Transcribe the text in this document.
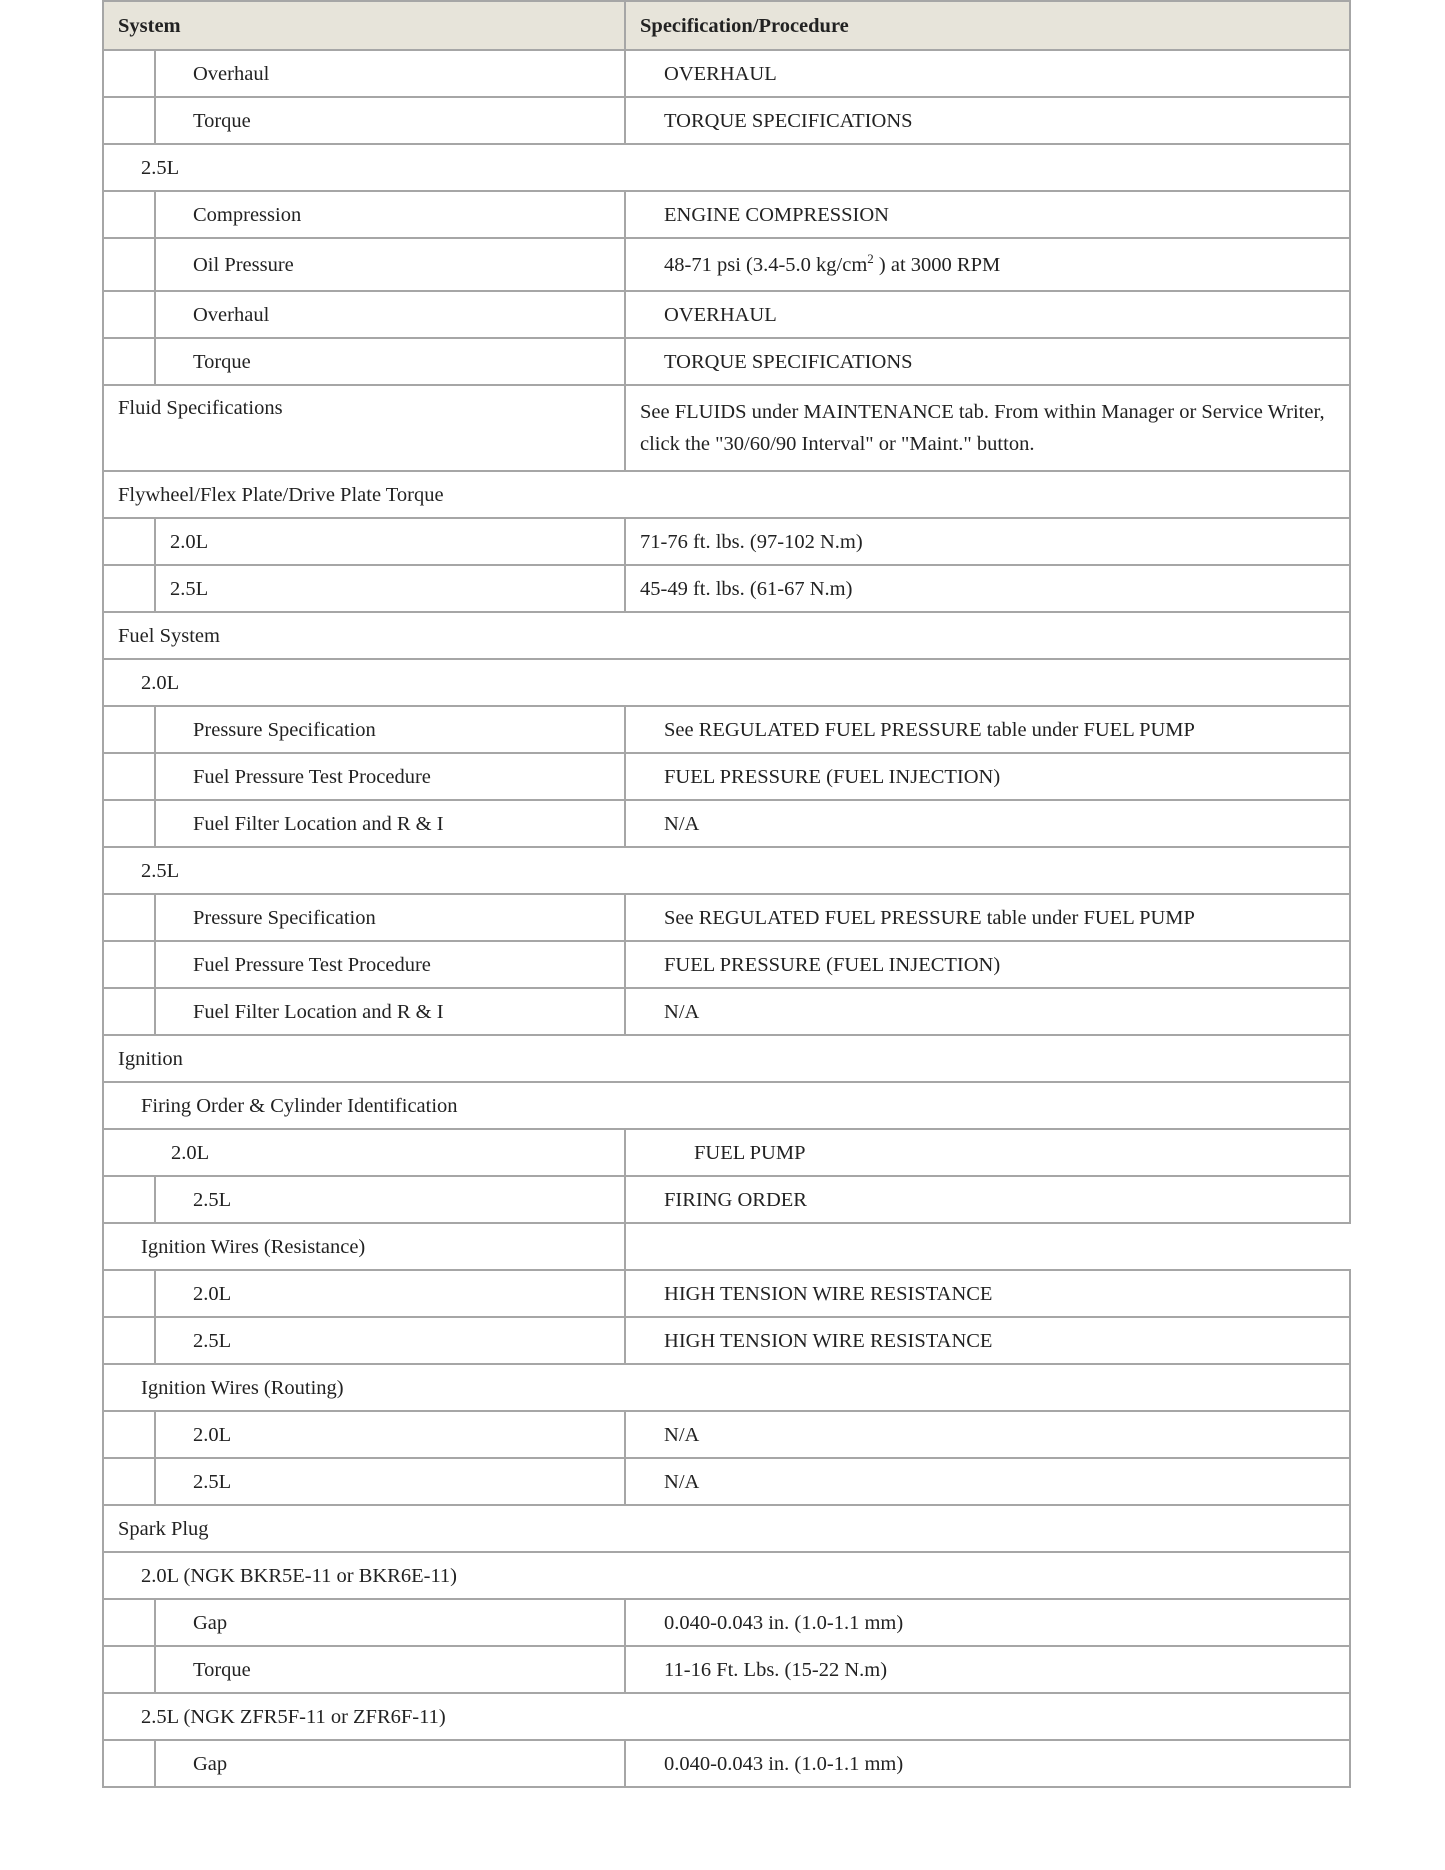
System		Specification/Procedure
	Overhaul	OVERHAUL
	Torque	TORQUE SPECIFICATIONS
2.5L		
	Compression	ENGINE COMPRESSION
	Oil Pressure	48-71 psi (3.4-5.0 $kg/cm^2$ ) at 3000 RPM
	Overhaul	OVERHAUL
	Torque	TORQUE SPECIFICATIONS
Fluid Specifications		See FLUIDS under MAINTENANCE tab. From within Manager or Service Writer, click the "30/60/90 Interval" or "Maint." button.
Flywheel/Flex Plate/Drive Plate Torque		
	2.0L	71-76 ft. lbs. (97-102 N.m)
	2.5L	45-49 ft. lbs. (61-67 N.m)
Fuel System		
2.0L		
	Pressure Specification	See REGULATED FUEL PRESSURE table under FUEL PUMP
	Fuel Pressure Test Procedure	FUEL PRESSURE (FUEL INJECTION)
	Fuel Filter Location and R & I	N/A
2.5L		
	Pressure Specification	See REGULATED FUEL PRESSURE table under FUEL PUMP
	Fuel Pressure Test Procedure	FUEL PRESSURE (FUEL INJECTION)
	Fuel Filter Location and R & I	N/A
Ignition		
Firing Order & Cylinder Identification		
2.0L		FUEL PUMP
	2.5L	FIRING ORDER
Ignition Wires (Resistance)		
	2.0L	HIGH TENSION WIRE RESISTANCE
	2.5L	HIGH TENSION WIRE RESISTANCE
Ignition Wires (Routing)		
	2.0L	N/A
	2.5L	N/A
Spark Plug		
2.0L (NGK BKR5E-11 or BKR6E-11)		
	Gap	0.040-0.043 in. (1.0-1.1 mm)
	Torque	11-16 Ft. Lbs. (15-22 N.m)
2.5L (NGK ZFR5F-11 or ZFR6F-11)		
	Gap	0.040-0.043 in. (1.0-1.1 mm)
